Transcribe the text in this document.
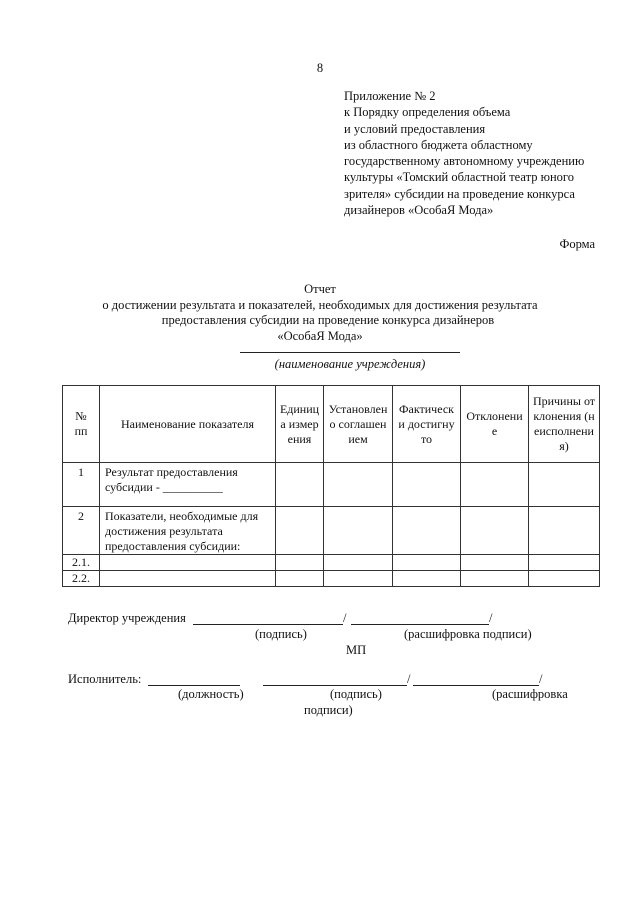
8
Приложение № 2
к Порядку определения объема
и условий предоставления
из областного бюджета областному
государственному автономному учреждению
культуры «Томский областной театр юного
зрителя» субсидии на проведение конкурса
дизайнеров «ОсобаЯ Мода»
Форма
Отчет
о достижении результата и показателей, необходимых для достижения результата
предоставления субсидии на проведение конкурса дизайнеров
«ОсобаЯ Мода»
(наименование учреждения)
№ пп	Наименование показателя	Единица измерения	Установлено соглашением	Фактически достигнуто	Отклонение	Причины отклонения (неисполнения)
1	Результат предоставления субсидии - __________					
2	Показатели, необходимые для достижения результата предоставления субсидии:					
2.1.						
2.2.						
Директор учреждения	/	/
(подпись)	(расшифровка подписи)
МП
Исполнитель:	/	/
(должность)	(подпись)	(расшифровка
подписи)
